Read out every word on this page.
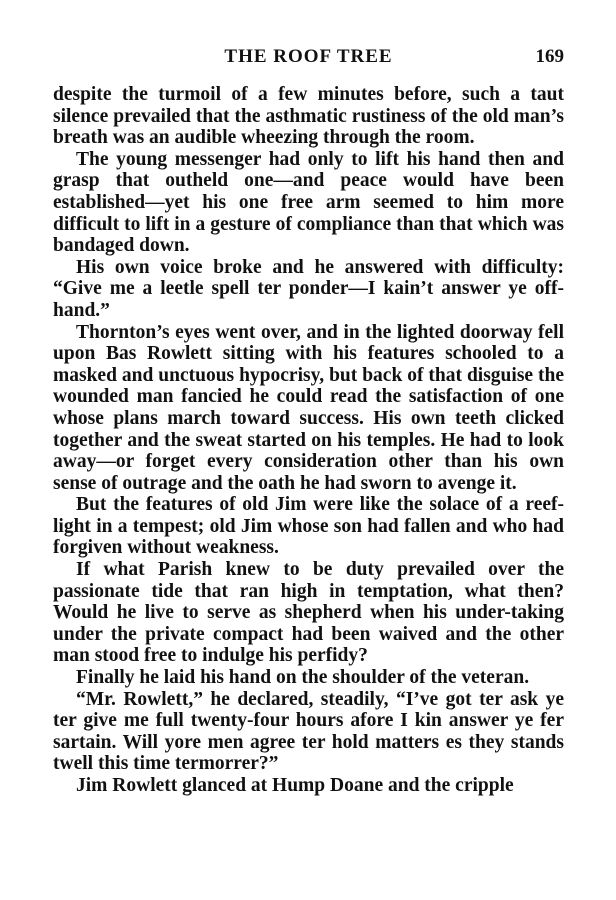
THE ROOF TREE	169

despite the turmoil of a few minutes before, such a taut silence prevailed that the asthmatic rustiness of the old man’s breath was an audible wheezing through the room.

The young messenger had only to lift his hand then and grasp that outheld one—and peace would have been established—yet his one free arm seemed to him more difficult to lift in a gesture of compliance than that which was bandaged down.

His own voice broke and he answered with difficulty: “Give me a leetle spell ter ponder—I kain’t answer ye off-hand.”

Thornton’s eyes went over, and in the lighted doorway fell upon Bas Rowlett sitting with his features schooled to a masked and unctuous hypocrisy, but back of that disguise the wounded man fancied he could read the satisfaction of one whose plans march toward success. His own teeth clicked together and the sweat started on his temples. He had to look away—or forget every consideration other than his own sense of outrage and the oath he had sworn to avenge it.

But the features of old Jim were like the solace of a reef-light in a tempest; old Jim whose son had fallen and who had forgiven without weakness.

If what Parish knew to be duty prevailed over the passionate tide that ran high in temptation, what then? Would he live to serve as shepherd when his under-taking under the private compact had been waived and the other man stood free to indulge his perfidy?

Finally he laid his hand on the shoulder of the veteran.

“Mr. Rowlett,” he declared, steadily, “I’ve got ter ask ye ter give me full twenty-four hours afore I kin answer ye fer sartain. Will yore men agree ter hold matters es they stands twell this time termorrer?”

Jim Rowlett glanced at Hump Doane and the cripple
